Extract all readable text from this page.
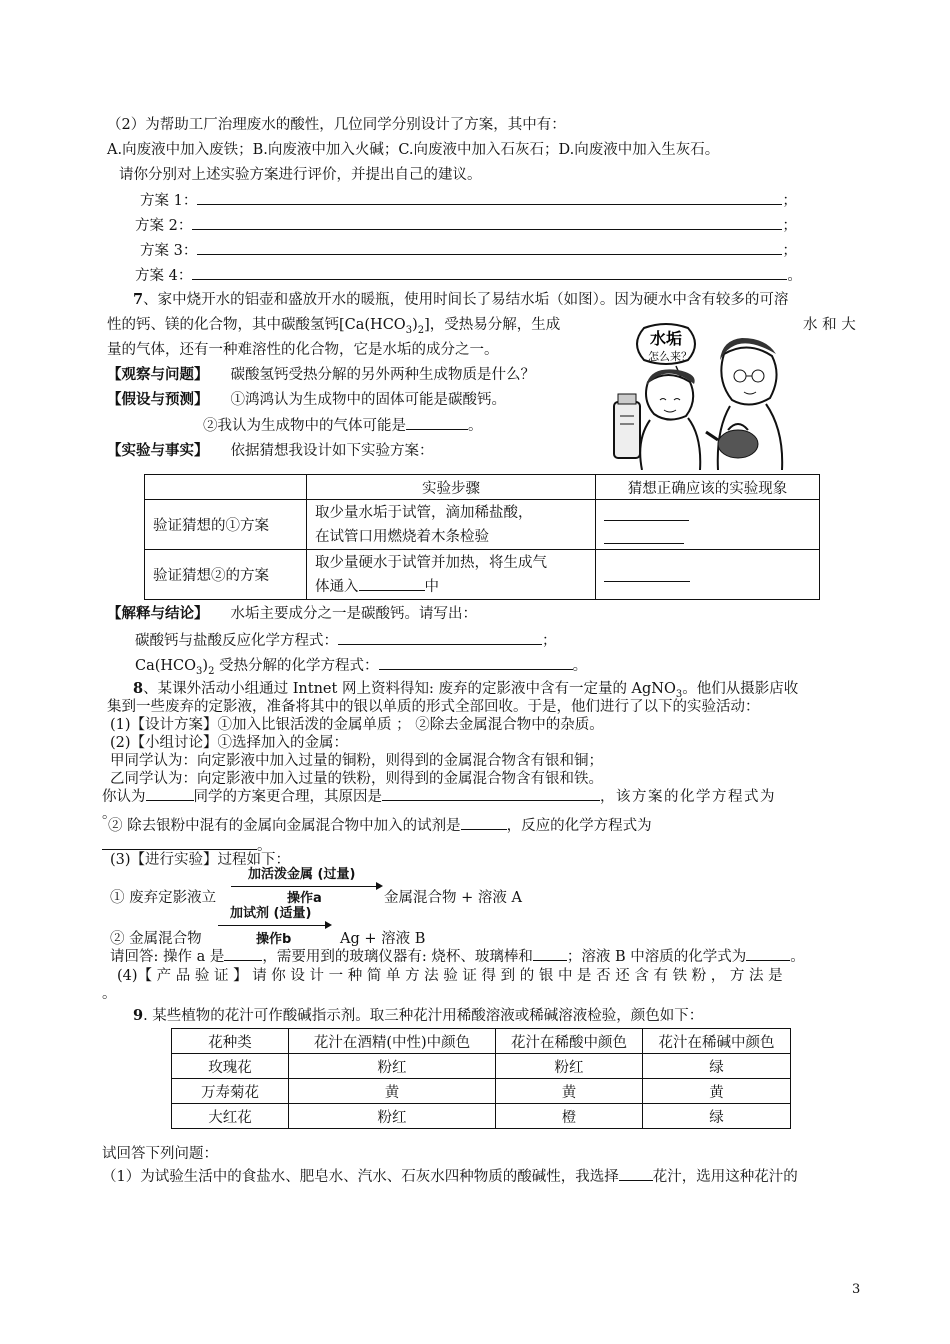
（2）为帮助工厂治理废水的酸性，几位同学分别设计了方案，其中有：
A.向废液中加入废铁；B.向废液中加入火碱；C.向废液中加入石灰石；D.向废液中加入生灰石。
请你分别对上述实验方案进行评价，并提出自己的建议。
方案 1：	；
方案 2：	；
方案 3：	；
方案 4：	。
7、家中烧开水的铝壶和盛放开水的暖瓶，使用时间长了易结水垢（如图）。因为硬水中含有较多的可溶
性的钙、镁的化合物，其中碳酸氢钙$[Ca(HCO_3)_2]$，受热易分解，生成	水 和 大
量的气体，还有一种难溶性的化合物，它是水垢的成分之一。
【观察与问题】 碳酸氢钙受热分解的另外两种生成物质是什么？
【假设与预测】 ①鸿鸿认为生成物中的固体可能是碳酸钙。
②我认为生成物中的气体可能是	。
【实验与事实】 依据猜想我设计如下实验方案：
水垢
怎么来？
	实验步骤	猜想正确应该的实验现象
验证猜想的①方案	取少量水垢于试管，滴加稀盐酸，
在试管口用燃烧着木条检验	

验证猜想②的方案	取少量硬水于试管并加热，将生成气
体通入 中	

【解释与结论】 水垢主要成分之一是碳酸钙。请写出：
碳酸钙与盐酸反应化学方程式：	；
$Ca(HCO_3)_2$ 受热分解的化学方程式：	。
8、某课外活动小组通过 Intnet 网上资料得知: 废弃的定影液中含有一定量的 AgNO$_3$。他们从摄影店收
集到一些废弃的定影液，准备将其中的银以单质的形式全部回收。于是，他们进行了以下的实验活动：
(1)【设计方案】①加入比银活泼的金属单质 ； ②除去金属混合物中的杂质。
(2)【小组讨论】①选择加入的金属：
甲同学认为：向定影液中加入过量的铜粉，则得到的金属混合物含有银和铜；
乙同学认为：向定影液中加入过量的铁粉，则得到的金属混合物含有银和铁。
你认为	同学的方案更合理，其原因是	，该方案的化学方程式为
。
② 除去银粉中混有的金属向金属混合物中加入的试剂是	，反应的化学方程式为
。
(3)【进行实验】过程如下：
加活泼金属 (过量)
操作a
① 废弃定影液立	金属混合物 + 溶液 A
加试剂 (适量)
操作b
② 金属混合物	Ag + 溶液 B
请回答: 操作 a 是	，需要用到的玻璃仪器有: 烧杯、玻璃棒和 ；溶液 B 中溶质的化学式为	。
(4)【 产 品 验 证 】 请 你 设 计 一 种 简 单 方 法 验 证 得 到 的 银 中 是 否 还 含 有 铁 粉 ， 方 法 是
。
9. 某些植物的花汁可作酸碱指示剂。取三种花汁用稀酸溶液或稀碱溶液检验，颜色如下：
花种类	花汁在酒精(中性)中颜色	花汁在稀酸中颜色	花汁在稀碱中颜色
玫瑰花	粉红	粉红	绿
万寿菊花	黄	黄	黄
大红花	粉红	橙	绿
试回答下列问题：
（1）为试验生活中的食盐水、肥皂水、汽水、石灰水四种物质的酸碱性，我选择 花汁，选用这种花汁的
3
